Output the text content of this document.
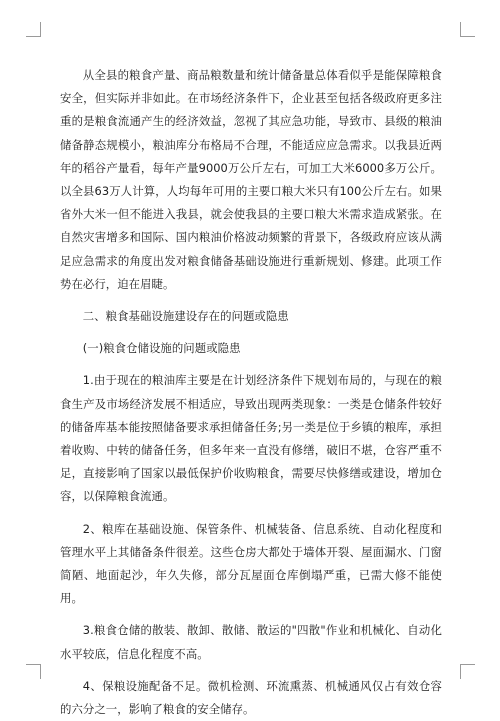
从全县的粮食产量、商品粮数量和统计储备量总体看似乎是能保障粮食安全，但实际并非如此。在市场经济条件下，企业甚至包括各级政府更多注重的是粮食流通产生的经济效益，忽视了其应急功能，导致市、县级的粮油储备静态规模小，粮油库分布格局不合理，不能适应应急需求。以我县近两年的稻谷产量看，每年产量9000万公斤左右，可加工大米6000多万公斤。以全县63万人计算，人均每年可用的主要口粮大米只有100公斤左右。如果省外大米一但不能进入我县，就会使我县的主要口粮大米需求造成紧张。在自然灾害增多和国际、国内粮油价格波动频繁的背景下，各级政府应该从满足应急需求的角度出发对粮食储备基础设施进行重新规划、修建。此项工作势在必行，迫在眉睫。

二、粮食基础设施建设存在的问题或隐患

(一)粮食仓储设施的问题或隐患

1.由于现在的粮油库主要是在计划经济条件下规划布局的，与现在的粮食生产及市场经济发展不相适应，导致出现两类现象：一类是仓储条件较好的储备库基本能按照储备要求承担储备任务;另一类是位于乡镇的粮库，承担着收购、中转的储备任务，但多年来一直没有修缮，破旧不堪，仓容严重不足，直接影响了国家以最低保护价收购粮食，需要尽快修缮或建设，增加仓容，以保障粮食流通。

2、粮库在基础设施、保管条件、机械装备、信息系统、自动化程度和管理水平上其储备条件很差。这些仓房大都处于墙体开裂、屋面漏水、门窗简陋、地面起沙，年久失修，部分瓦屋面仓库倒塌严重，已需大修不能使用。

3.粮食仓储的散装、散卸、散储、散运的"四散"作业和机械化、自动化水平较底，信息化程度不高。

4、保粮设施配备不足。微机检测、环流熏蒸、机械通风仅占有效仓容的六分之一，影响了粮食的安全储存。
